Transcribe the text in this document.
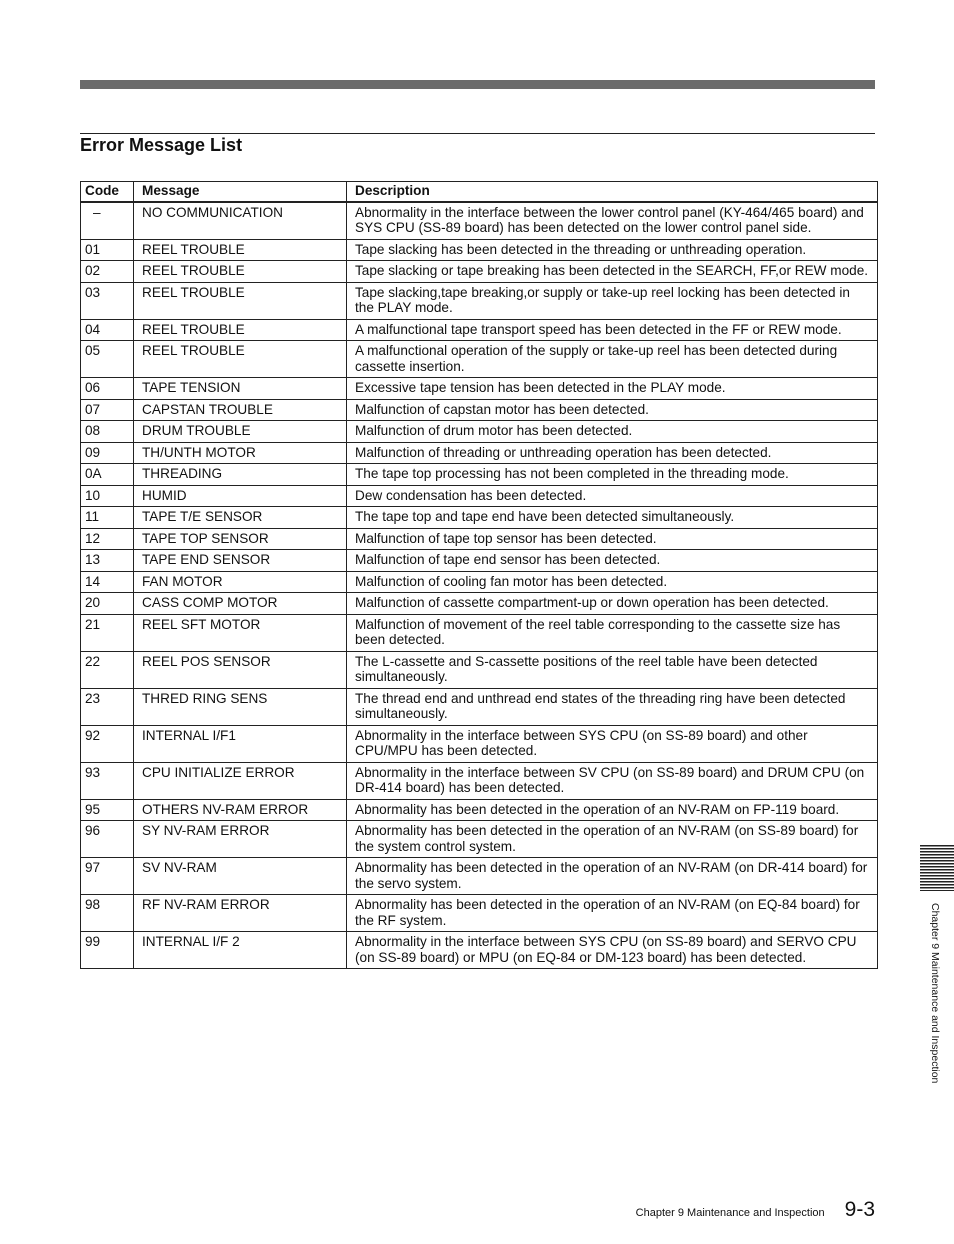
Error Message List
Code	Message	Description
–	NO COMMUNICATION	Abnormality in the interface between the lower control panel (KY-464/465 board) and SYS CPU (SS-89 board) has been detected on the lower control panel side.
01	REEL TROUBLE	Tape slacking has been detected in the threading or unthreading operation.
02	REEL TROUBLE	Tape slacking or tape breaking has been detected in the SEARCH, FF,or REW mode.
03	REEL TROUBLE	Tape slacking,tape breaking,or supply or take-up reel locking has been detected in the PLAY mode.
04	REEL TROUBLE	A malfunctional tape transport speed has been detected in the FF or REW mode.
05	REEL TROUBLE	A malfunctional operation of the supply or take-up reel has been detected during cassette insertion.
06	TAPE TENSION	Excessive tape tension has been detected in the PLAY mode.
07	CAPSTAN TROUBLE	Malfunction of capstan motor has been detected.
08	DRUM TROUBLE	Malfunction of drum motor has been detected.
09	TH/UNTH MOTOR	Malfunction of threading or unthreading operation has been detected.
0A	THREADING	The tape top processing has not been completed in the threading mode.
10	HUMID	Dew condensation has been detected.
11	TAPE T/E SENSOR	The tape top and tape end have been detected simultaneously.
12	TAPE TOP SENSOR	Malfunction of tape top sensor has been detected.
13	TAPE END SENSOR	Malfunction of tape end sensor has been detected.
14	FAN MOTOR	Malfunction of cooling fan motor has been detected.
20	CASS COMP MOTOR	Malfunction of cassette compartment-up or down operation has been detected.
21	REEL SFT MOTOR	Malfunction of movement of the reel table corresponding to the cassette size has been detected.
22	REEL POS SENSOR	The L-cassette and S-cassette positions of the reel table have been detected simultaneously.
23	THRED RING SENS	The thread end and unthread end states of the threading ring have been detected simultaneously.
92	INTERNAL I/F1	Abnormality in the interface between SYS CPU (on SS-89 board) and other CPU/MPU has been detected.
93	CPU INITIALIZE ERROR	Abnormality in the interface between SV CPU (on SS-89 board) and DRUM CPU (on DR-414 board) has been detected.
95	OTHERS NV-RAM ERROR	Abnormality has been detected in the operation of an NV-RAM on FP-119 board.
96	SY NV-RAM ERROR	Abnormality has been detected in the operation of an NV-RAM (on SS-89 board) for the system control system.
97	SV NV-RAM	Abnormality has been detected in the operation of an NV-RAM (on DR-414 board) for the servo system.
98	RF NV-RAM ERROR	Abnormality has been detected in the operation of an NV-RAM (on EQ-84 board) for the RF system.
99	INTERNAL I/F 2	Abnormality in the interface between SYS CPU (on SS-89 board) and SERVO CPU (on SS-89 board) or MPU (on EQ-84 or DM-123 board) has been detected.	Chapter 9 Maintenance and Inspection
Chapter 9 Maintenance and Inspection 9-3
